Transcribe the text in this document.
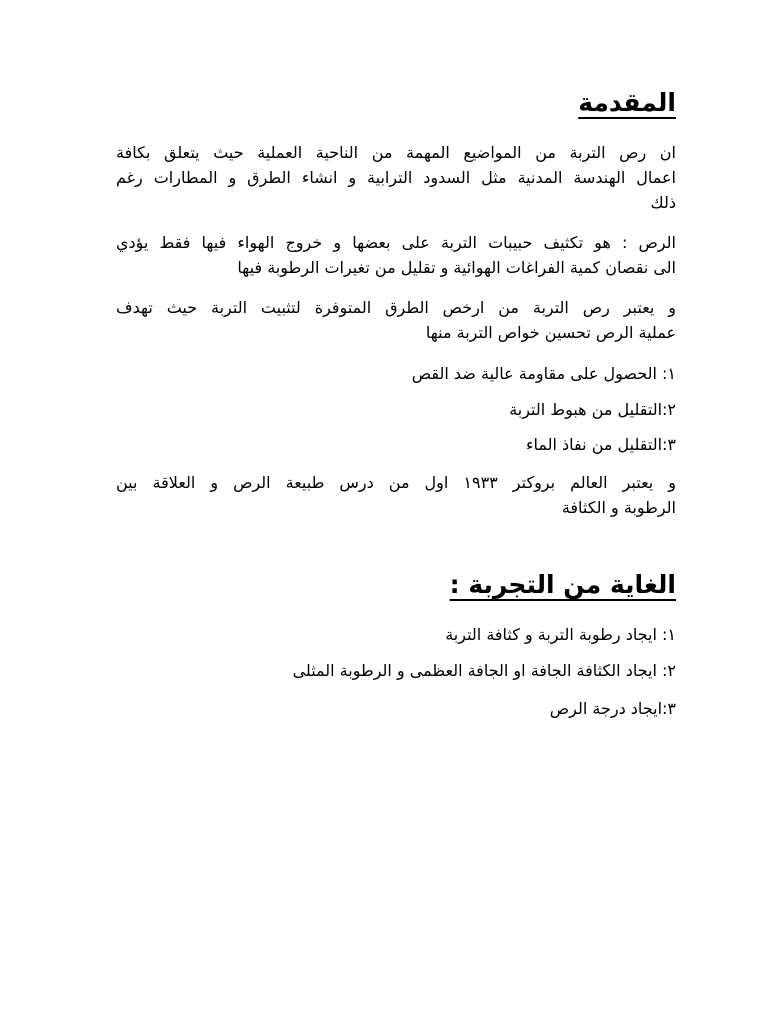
المقدمة
ان رص التربة من المواضيع المهمة من الناحية العملية حيث يتعلق بكافة
اعمال الهندسة المدنية مثل السدود الترابية و انشاء الطرق و المطارات رغم
ذلك
الرص : هو تكثيف حبيبات التربة على بعضها و خروج الهواء فيها فقط يؤدي
الى نقصان كمية الفراغات الهوائية و تقليل من تغيرات الرطوبة فيها
و يعتبر رص التربة من ارخص الطرق المتوفرة لتثبيت التربة حيث تهدف
عملية الرص تحسين خواص التربة منها
١: الحصول على مقاومة عالية ضد القص
٢:التقليل من هبوط التربة
٣:التقليل من نفاذ الماء
و يعتبر العالم بروكتر ١٩٣٣ اول من درس طبيعة الرص و العلاقة بين
الرطوبة و الكثافة
الغاية من التجربة :
١: ايجاد رطوبة التربة و كثافة التربة
٢: ايجاد الكثافة الجافة او الجافة العظمى و الرطوبة المثلى
٣:ايجاد درجة الرص
